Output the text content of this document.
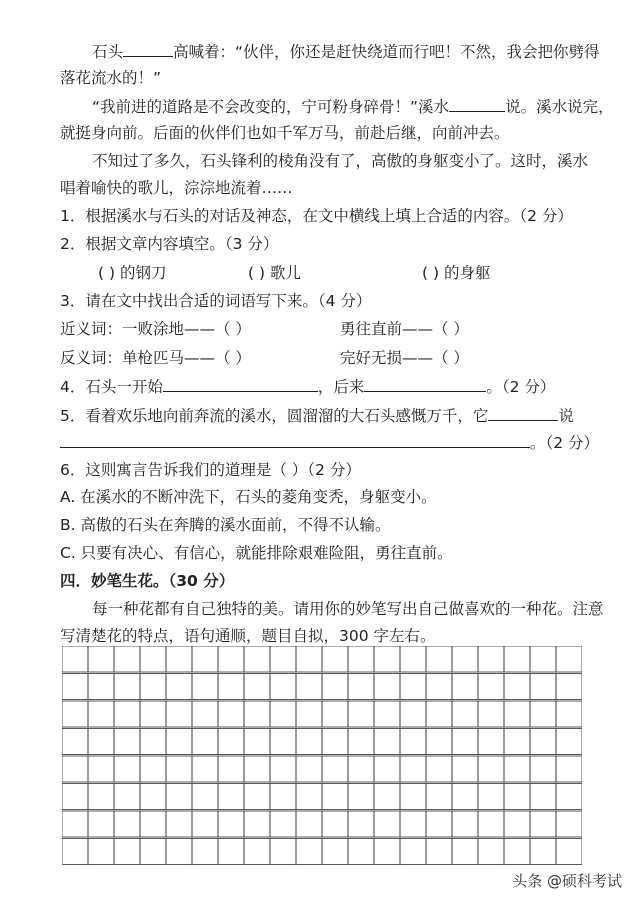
石头	高喊着：“伙伴，你还是赶快绕道而行吧！不然，我会把你劈得
落花流水的！”
“我前进的道路是不会改变的，宁可粉身碎骨！”溪水	说。溪水说完，
就挺身向前。后面的伙伴们也如千军万马，前赴后继，向前冲去。
不知过了多久，石头锋利的棱角没有了，高傲的身躯变小了。这时，溪水
唱着喻快的歌儿，淙淙地流着……
1．根据溪水与石头的对话及神态，在文中横线上填上合适的内容。（2 分）
2．根据文章内容填空。（3 分）
( ) 的钢刀	( ) 歌儿	( ) 的身躯
3．请在文中找出合适的词语写下来。（4 分）
近义词：一败涂地——（ ）	勇往直前——（ ）
反义词：单枪匹马——（ ）	完好无损——（ ）
4．石头一开始	，后来	。（2 分）
5．看着欢乐地向前奔流的溪水，圆溜溜的大石头感慨万千，它	说
。（2 分）
6．这则寓言告诉我们的道理是（ ）（2 分）
A. 在溪水的不断冲洗下，石头的菱角变秃，身躯变小。
B. 高傲的石头在奔腾的溪水面前，不得不认输。
C. 只要有决心、有信心，就能排除艰难险阻，勇往直前。
四．妙笔生花。（30 分）
每一种花都有自己独特的美。请用你的妙笔写出自己做喜欢的一种花。注意
写清楚花的特点，语句通顺，题目自拟，300 字左右。
头条 @硕科考试
